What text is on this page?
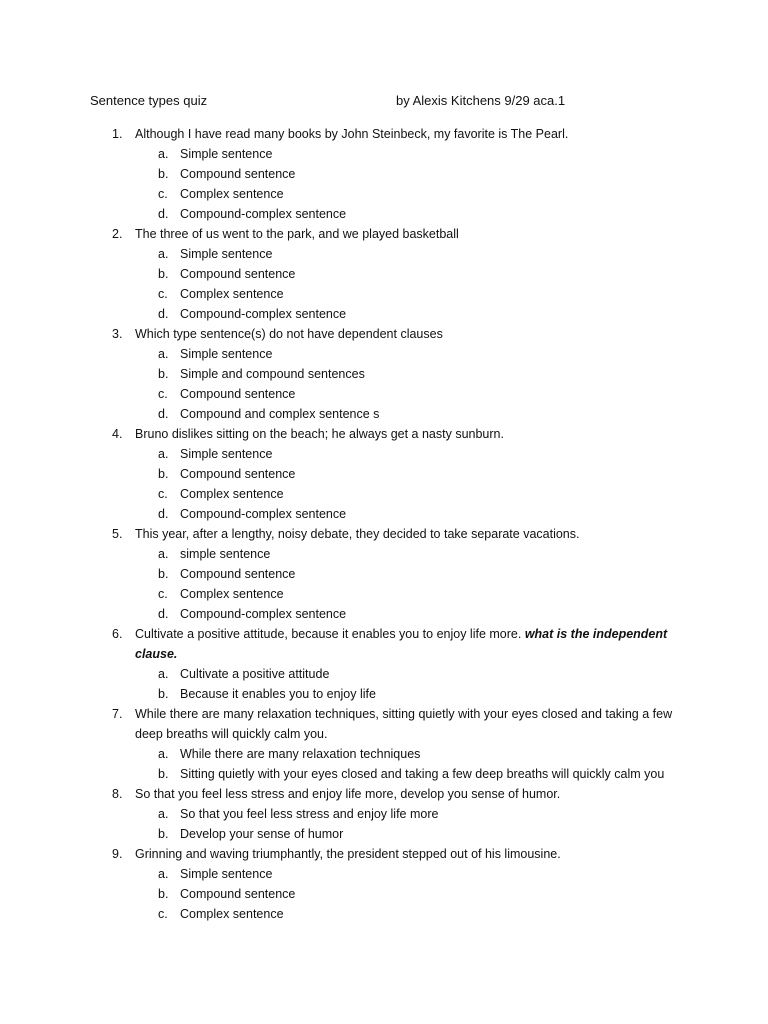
Sentence types quiz	by Alexis Kitchens 9/29 aca.1
1. Although I have read many books by John Steinbeck, my favorite is The Pearl.
a. Simple sentence
b. Compound sentence
c. Complex sentence
d. Compound-complex sentence
2. The three of us went to the park, and we played basketball
a. Simple sentence
b. Compound sentence
c. Complex sentence
d. Compound-complex sentence
3. Which type sentence(s) do not have dependent clauses
a. Simple sentence
b. Simple and compound sentences
c. Compound sentence
d. Compound and complex sentence s
4. Bruno dislikes sitting on the beach; he always get a nasty sunburn.
a. Simple sentence
b. Compound sentence
c. Complex sentence
d. Compound-complex sentence
5. This year, after a lengthy, noisy debate, they decided to take separate vacations.
a. simple sentence
b. Compound sentence
c. Complex sentence
d. Compound-complex sentence
6. Cultivate a positive attitude, because it enables you to enjoy life more. what is the independent clause.
a. Cultivate a positive attitude
b. Because it enables you to enjoy life
7. While there are many relaxation techniques, sitting quietly with your eyes closed and taking a few deep breaths will quickly calm you.
a. While there are many relaxation techniques
b. Sitting quietly with your eyes closed and taking a few deep breaths will quickly calm you
8. So that you feel less stress and enjoy life more, develop you sense of humor.
a. So that you feel less stress and enjoy life more
b. Develop your sense of humor
9. Grinning and waving triumphantly, the president stepped out of his limousine.
a. Simple sentence
b. Compound sentence
c. Complex sentence
